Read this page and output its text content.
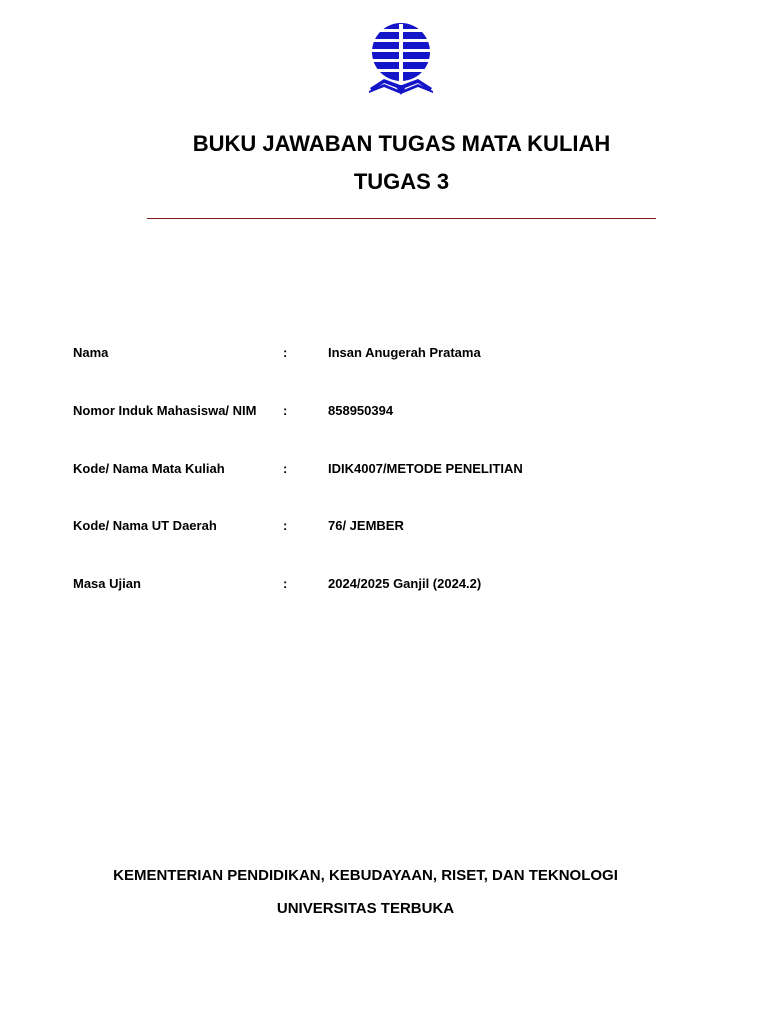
BUKU JAWABAN TUGAS MATA KULIAH
TUGAS 3
Nama	:	Insan Anugerah Pratama
Nomor Induk Mahasiswa/ NIM :	858950394
Kode/ Nama Mata Kuliah	:	IDIK4007/METODE PENELITIAN
Kode/ Nama UT Daerah	:	76/ JEMBER
Masa Ujian	:	2024/2025 Ganjil (2024.2)

KEMENTERIAN PENDIDIKAN, KEBUDAYAAN, RISET, DAN TEKNOLOGI

UNIVERSITAS TERBUKA
